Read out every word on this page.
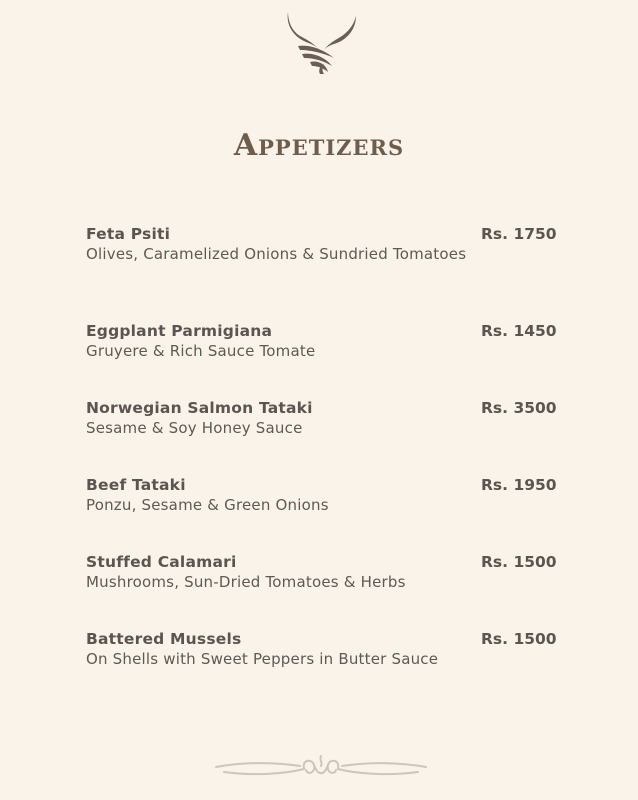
Appetizers
Feta Psiti
Olives, Caramelized Onions & Sundried Tomatoes
Rs. 1750
Eggplant Parmigiana
Gruyere & Rich Sauce Tomate
Rs. 1450
Norwegian Salmon Tataki
Sesame & Soy Honey Sauce
Rs. 3500
Beef Tataki
Ponzu, Sesame & Green Onions
Rs. 1950
Stuffed Calamari
Mushrooms, Sun-Dried Tomatoes & Herbs
Rs. 1500
Battered Mussels
On Shells with Sweet Peppers in Butter Sauce
Rs. 1500
